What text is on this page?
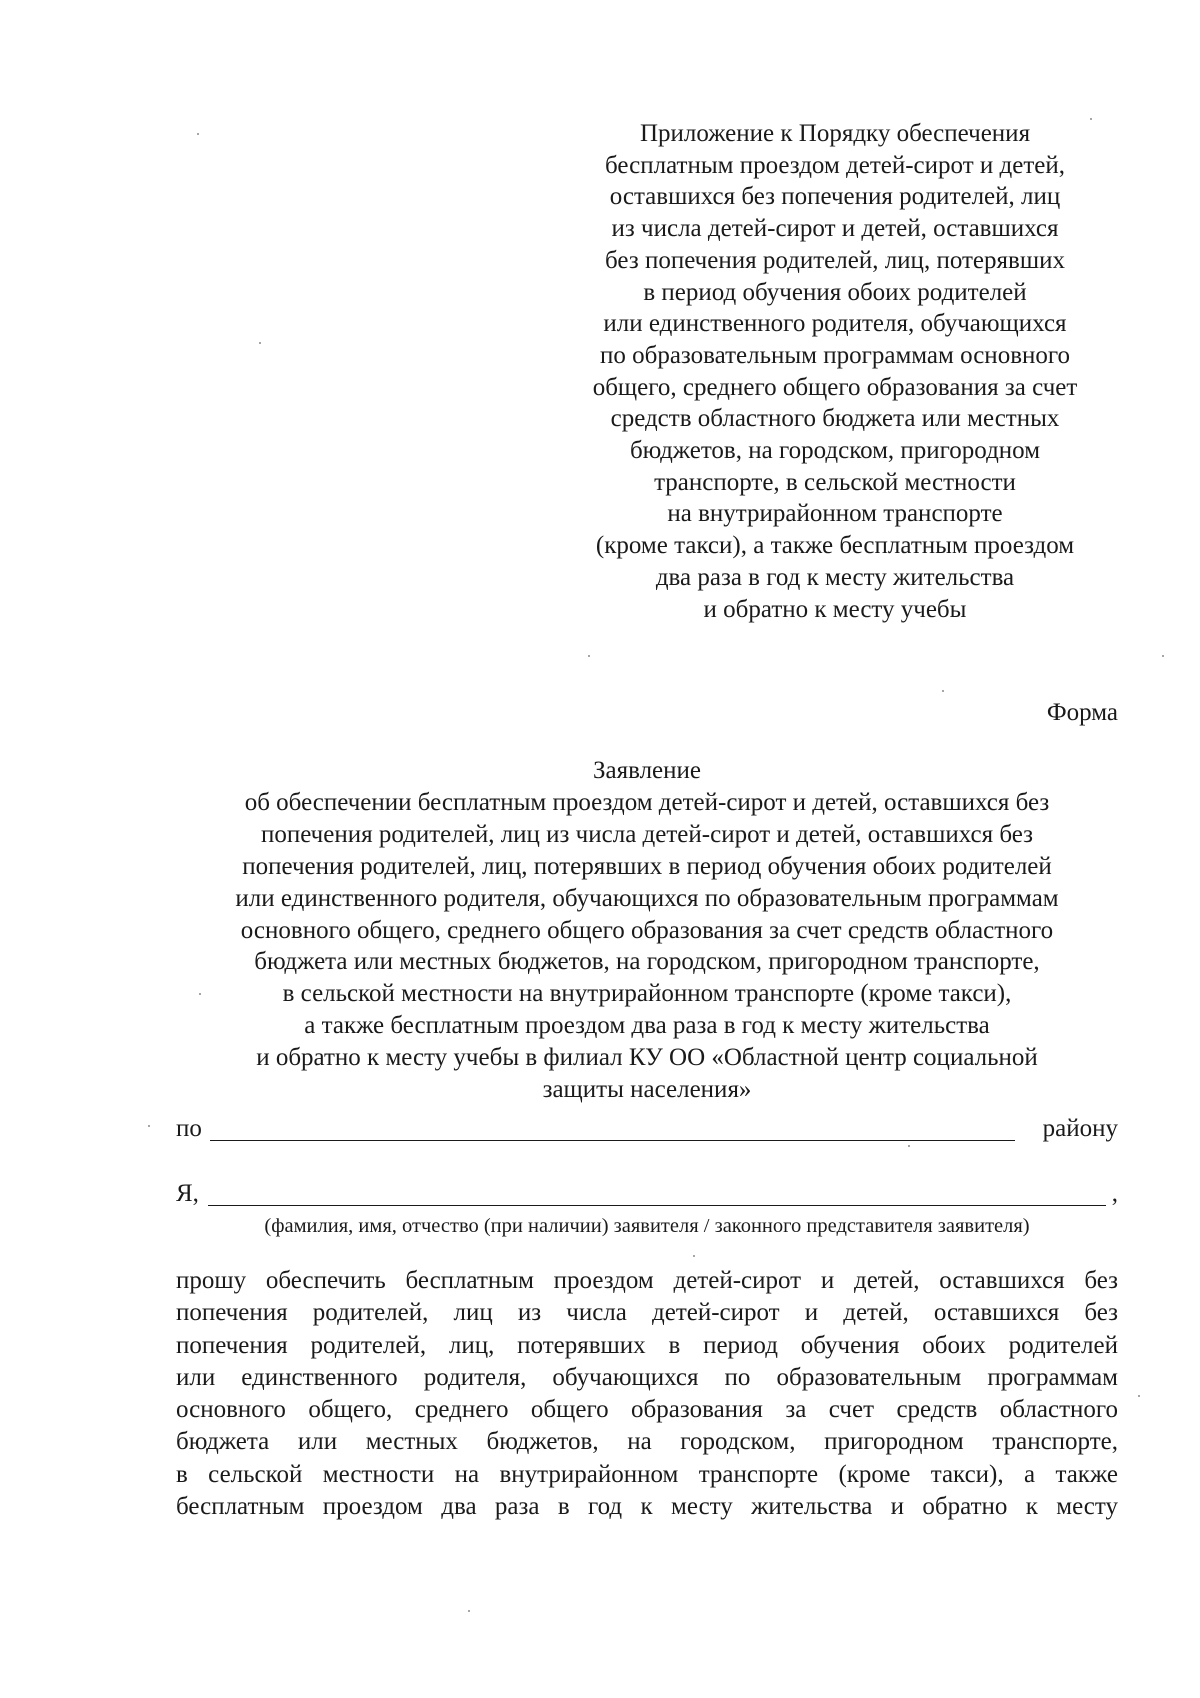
Приложение к Порядку обеспечения
бесплатным проездом детей-сирот и детей,
оставшихся без попечения родителей, лиц
из числа детей-сирот и детей, оставшихся
без попечения родителей, лиц, потерявших
в период обучения обоих родителей
или единственного родителя, обучающихся
по образовательным программам основного
общего, среднего общего образования за счет
средств областного бюджета или местных
бюджетов, на городском, пригородном
транспорте, в сельской местности
на внутрирайонном транспорте
(кроме такси), а также бесплатным проездом
два раза в год к месту жительства
и обратно к месту учебы
Форма
Заявление
об обеспечении бесплатным проездом детей-сирот и детей, оставшихся без
попечения родителей, лиц из числа детей-сирот и детей, оставшихся без
попечения родителей, лиц, потерявших в период обучения обоих родителей
или единственного родителя, обучающихся по образовательным программам
основного общего, среднего общего образования за счет средств областного
бюджета или местных бюджетов, на городском, пригородном транспорте,
в сельской местности на внутрирайонном транспорте (кроме такси),
а также бесплатным проездом два раза в год к месту жительства
и обратно к месту учебы в филиал КУ ОО «Областной центр социальной
защиты населения»
по	району
Я,	,
(фамилия, имя, отчество (при наличии) заявителя / законного представителя заявителя)
прошу обеспечить бесплатным проездом детей-сирот и детей, оставшихся без
попечения родителей, лиц из числа детей-сирот и детей, оставшихся без
попечения родителей, лиц, потерявших в период обучения обоих родителей
или единственного родителя, обучающихся по образовательным программам
основного общего, среднего общего образования за счет средств областного
бюджета или местных бюджетов, на городском, пригородном транспорте,
в сельской местности на внутрирайонном транспорте (кроме такси), а также
бесплатным проездом два раза в год к месту жительства и обратно к месту
